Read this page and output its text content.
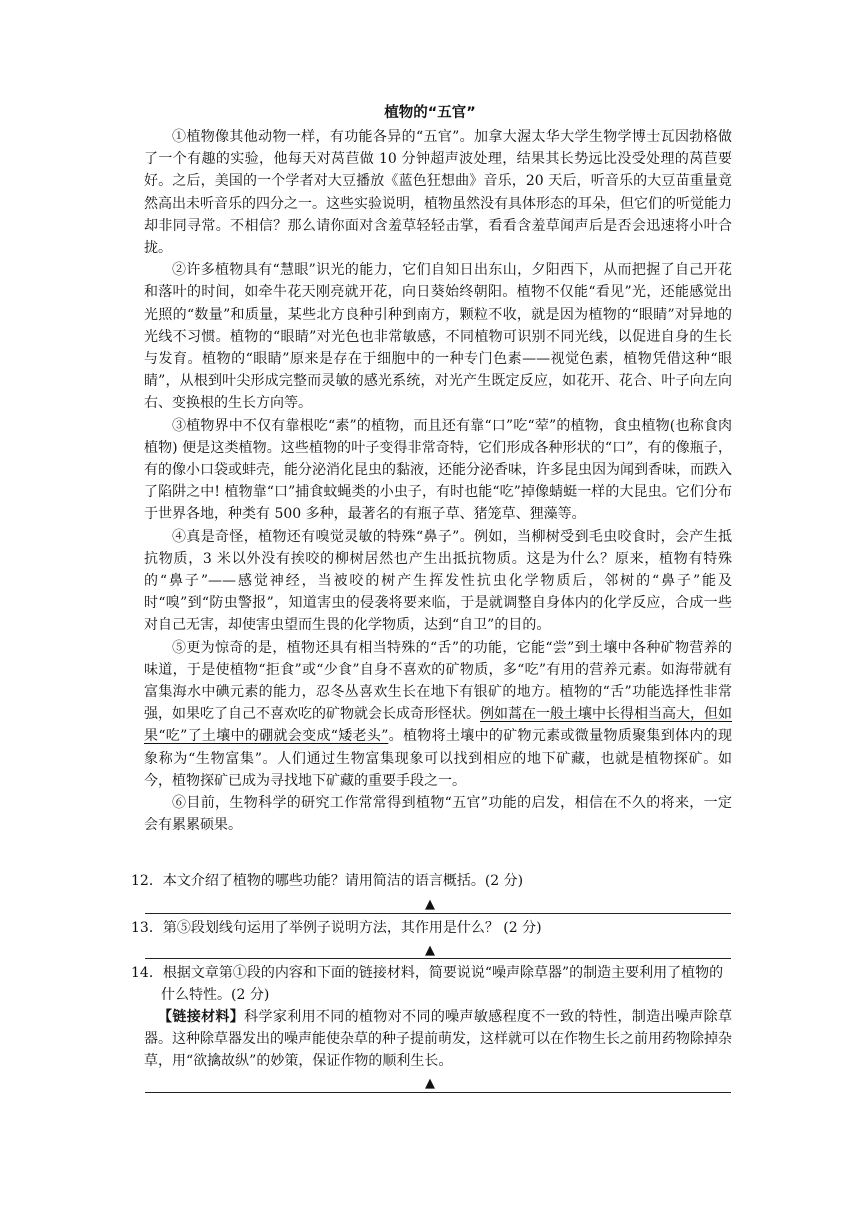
植物的“五官”

①植物像其他动物一样，有功能各异的“五官”。加拿大渥太华大学生物学博士瓦因勃格做了一个有趣的实验，他每天对莴苣做 10 分钟超声波处理，结果其长势远比没受处理的莴苣要好。之后，美国的一个学者对大豆播放《蓝色狂想曲》音乐，20 天后，听音乐的大豆苗重量竟然高出未听音乐的四分之一。这些实验说明，植物虽然没有具体形态的耳朵，但它们的听觉能力却非同寻常。不相信？那么请你面对含羞草轻轻击掌，看看含羞草闻声后是否会迅速将小叶合拢。

②许多植物具有“慧眼”识光的能力，它们自知日出东山，夕阳西下，从而把握了自己开花和落叶的时间，如牵牛花天刚亮就开花，向日葵始终朝阳。植物不仅能“看见”光，还能感觉出光照的“数量”和质量，某些北方良种引种到南方，颗粒不收，就是因为植物的“眼睛”对异地的光线不习惯。植物的“眼睛”对光色也非常敏感，不同植物可识别不同光线，以促进自身的生长与发育。植物的“眼睛”原来是存在于细胞中的一种专门色素——视觉色素，植物凭借这种“眼睛”，从根到叶尖形成完整而灵敏的感光系统，对光产生既定反应，如花开、花合、叶子向左向右、变换根的生长方向等。

③植物界中不仅有靠根吃“素”的植物，而且还有靠“口”吃“荤”的植物，食虫植物(也称食肉植物) 便是这类植物。这些植物的叶子变得非常奇特，它们形成各种形状的“口”，有的像瓶子，有的像小口袋或蚌壳，能分泌消化昆虫的黏液，还能分泌香味，许多昆虫因为闻到香味，而跌入了陷阱之中! 植物靠“口”捕食蚊蝇类的小虫子，有时也能“吃”掉像蜻蜓一样的大昆虫。它们分布于世界各地，种类有 500 多种，最著名的有瓶子草、猪笼草、狸藻等。

④真是奇怪，植物还有嗅觉灵敏的特殊“鼻子”。例如，当柳树受到毛虫咬食时，会产生抵抗物质，3 米以外没有挨咬的柳树居然也产生出抵抗物质。这是为什么？原来，植物有特殊的“鼻子”——感觉神经，当被咬的树产生挥发性抗虫化学物质后，邻树的“鼻子”能及时“嗅”到“防虫警报”，知道害虫的侵袭将要来临，于是就调整自身体内的化学反应，合成一些对自己无害，却使害虫望而生畏的化学物质，达到“自卫”的目的。

⑤更为惊奇的是，植物还具有相当特殊的“舌”的功能，它能“尝”到土壤中各种矿物营养的味道，于是使植物“拒食”或“少食”自身不喜欢的矿物质，多“吃”有用的营养元素。如海带就有富集海水中碘元素的能力，忍冬丛喜欢生长在地下有银矿的地方。植物的“舌”功能选择性非常强，如果吃了自己不喜欢吃的矿物就会长成奇形怪状。例如蒿在一般土壤中长得相当高大，但如果“吃”了土壤中的硼就会变成“矮老头”。植物将土壤中的矿物元素或微量物质聚集到体内的现象称为“生物富集”。人们通过生物富集现象可以找到相应的地下矿藏，也就是植物探矿。如今，植物探矿已成为寻找地下矿藏的重要手段之一。

⑥目前，生物科学的研究工作常常得到植物“五官”功能的启发，相信在不久的将来，一定会有累累硕果。

12．本文介绍了植物的哪些功能？请用简洁的语言概括。(2 分)
▲
13．第⑤段划线句运用了举例子说明方法，其作用是什么？ (2 分)
▲
14．根据文章第①段的内容和下面的链接材料，简要说说“噪声除草器”的制造主要利用了植物的什么特性。(2 分)

【链接材料】科学家利用不同的植物对不同的噪声敏感程度不一致的特性，制造出噪声除草器。这种除草器发出的噪声能使杂草的种子提前萌发，这样就可以在作物生长之前用药物除掉杂草，用“欲擒故纵”的妙策，保证作物的顺利生长。

▲
